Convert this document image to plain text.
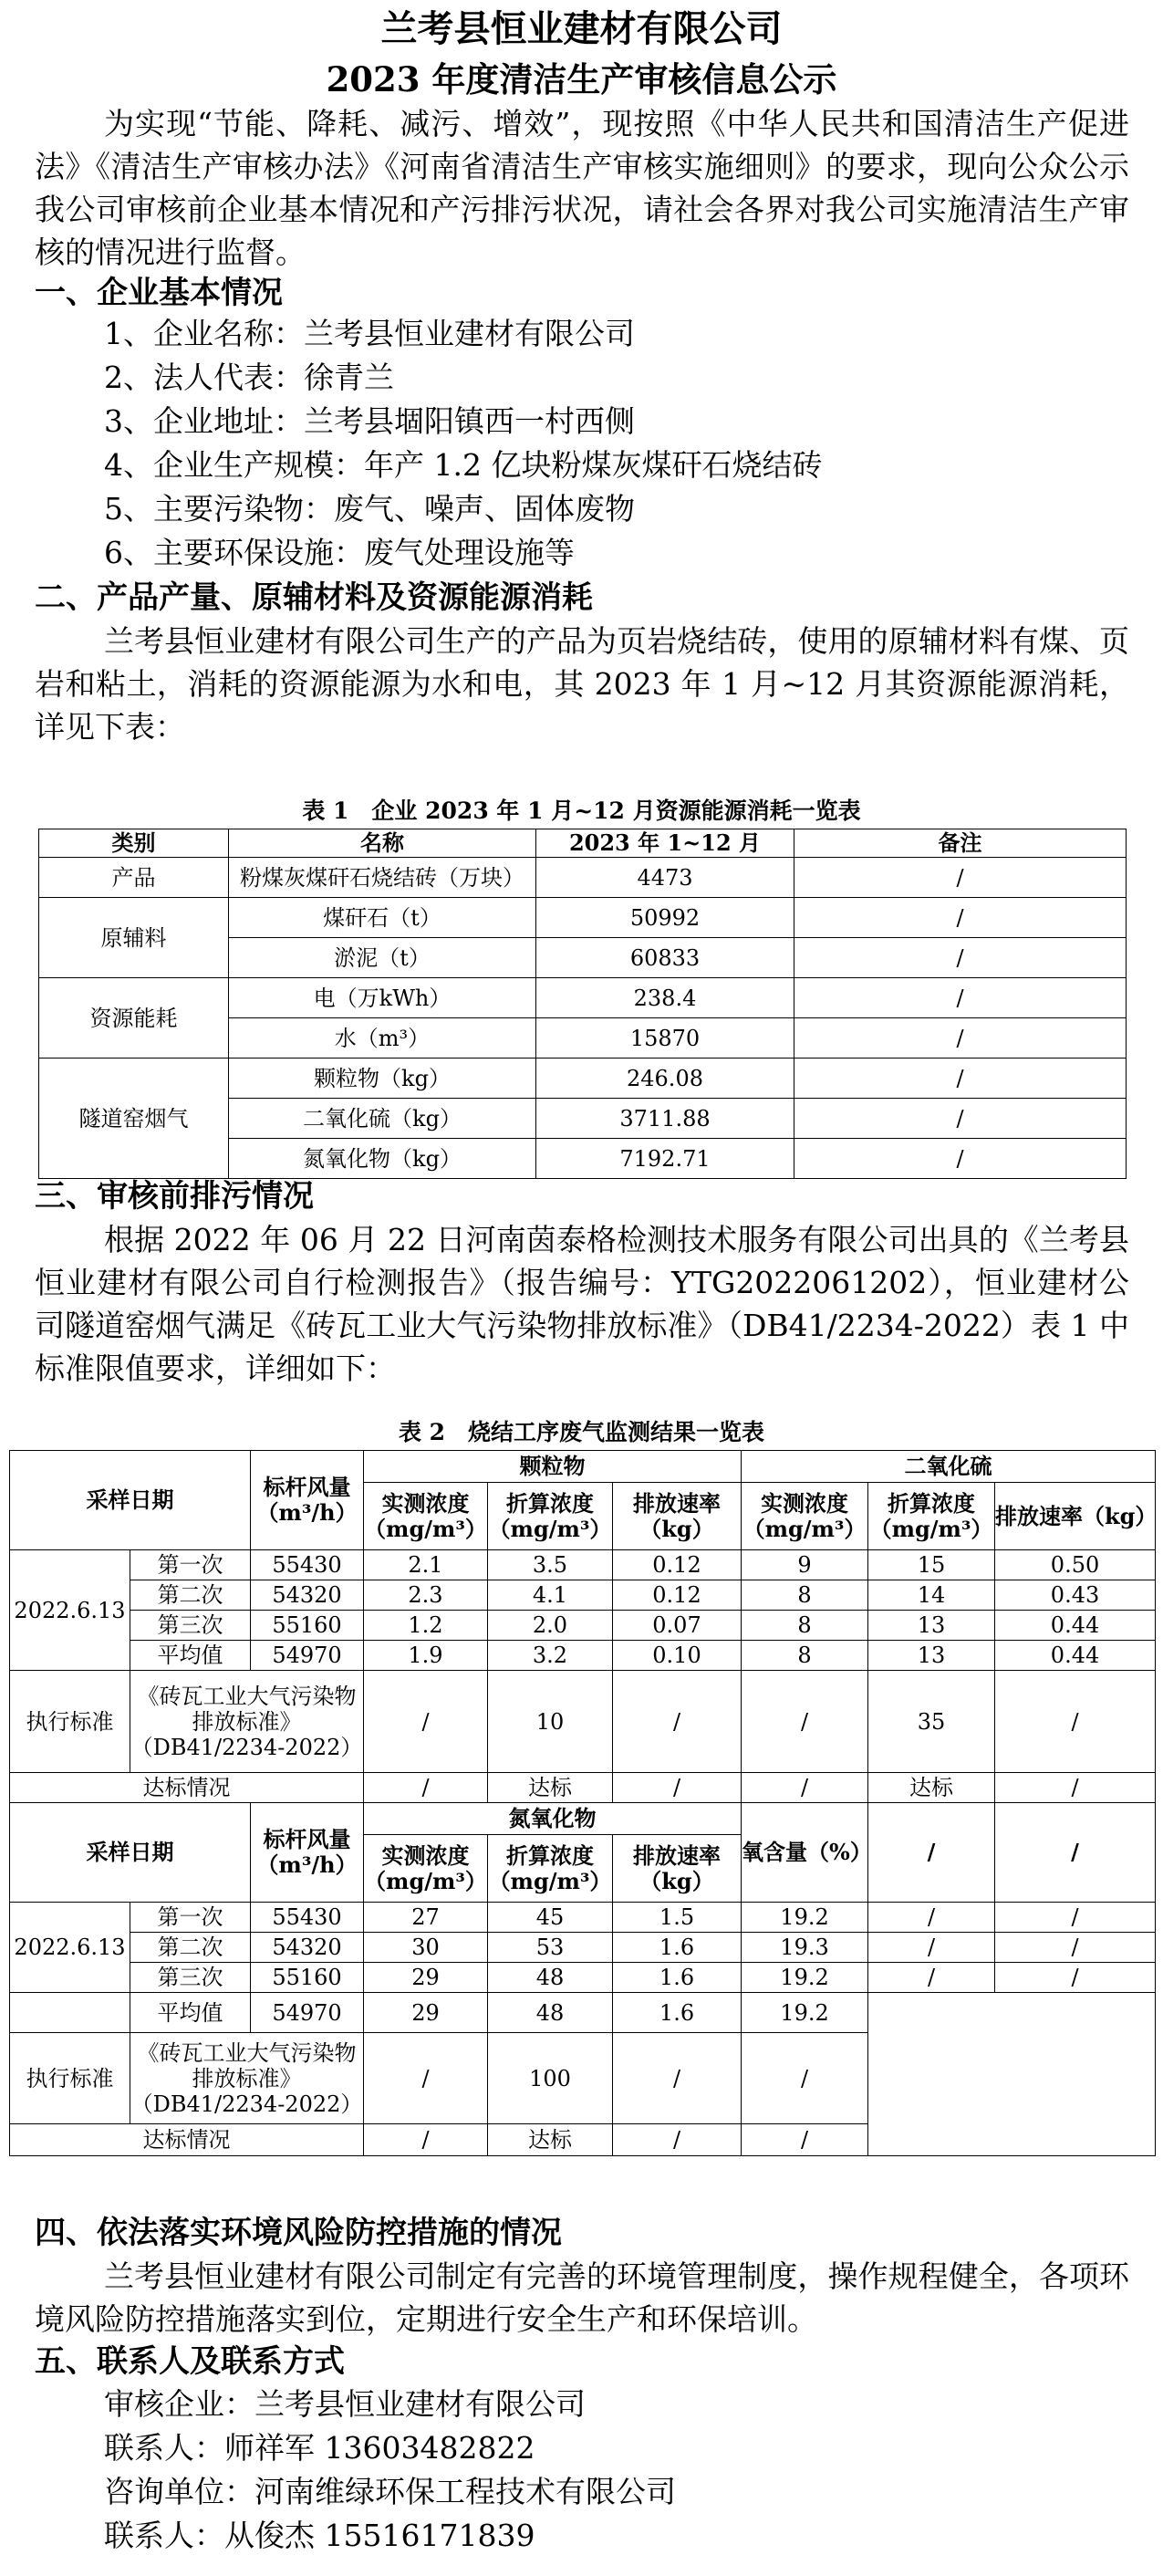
兰考县恒业建材有限公司
2023 年度清洁生产审核信息公示
为实现“节能、降耗、减污、增效”，现按照《中华人民共和国清洁生产促进法》《清洁生产审核办法》《河南省清洁生产审核实施细则》的要求，现向公众公示我公司审核前企业基本情况和产污排污状况，请社会各界对我公司实施清洁生产审核的情况进行监督。
一、企业基本情况
1、企业名称：兰考县恒业建材有限公司
2、法人代表：徐青兰
3、企业地址：兰考县堌阳镇西一村西侧
4、企业生产规模：年产 1.2 亿块粉煤灰煤矸石烧结砖
5、主要污染物：废气、噪声、固体废物
6、主要环保设施：废气处理设施等
二、产品产量、原辅材料及资源能源消耗
兰考县恒业建材有限公司生产的产品为页岩烧结砖，使用的原辅材料有煤、页岩和粘土，消耗的资源能源为水和电，其 2023 年 1 月~12 月其资源能源消耗，详见下表：
表 1　企业 2023 年 1 月~12 月资源能源消耗一览表
类别	名称	2023 年 1~12 月	备注
产品	粉煤灰煤矸石烧结砖（万块）	4473	/
原辅料	煤矸石（t）	50992	/
	淤泥（t）	60833	/
资源能耗	电（万kWh）	238.4	/
	水（m³）	15870	/
隧道窑烟气	颗粒物（kg）	246.08	/
	二氧化硫（kg）	3711.88	/
	氮氧化物（kg）	7192.71	/
三、审核前排污情况
根据 2022 年 06 月 22 日河南茵泰格检测技术服务有限公司出具的《兰考县恒业建材有限公司自行检测报告》（报告编号：YTG2022061202），恒业建材公司隧道窑烟气满足《砖瓦工业大气污染物排放标准》（DB41/2234-2022）表 1 中标准限值要求，详细如下：
表 2　烧结工序废气监测结果一览表
采样日期		标杆风量（m³/h）	颗粒物			二氧化硫		
			实测浓度（mg/m³）	折算浓度（mg/m³）	排放速率（kg）	实测浓度（mg/m³）	折算浓度（mg/m³）	排放速率（kg）
2022.6.13	第一次	55430	2.1	3.5	0.12	9	15	0.50
	第二次	54320	2.3	4.1	0.12	8	14	0.43
	第三次	55160	1.2	2.0	0.07	8	13	0.44
	平均值	54970	1.9	3.2	0.10	8	13	0.44
执行标准	《砖瓦工业大气污染物排放标准》（DB41/2234-2022）		/	10	/	/	35	/
达标情况			/	达标	/	/	达标	/
采样日期		标杆风量（m³/h）	氮氧化物			氧含量（%）	/	/
			实测浓度（mg/m³）	折算浓度（mg/m³）	排放速率（kg）			
2022.6.13	第一次	55430	27	45	1.5	19.2	/	/
	第二次	54320	30	53	1.6	19.3	/	/
	第三次	55160	29	48	1.6	19.2	/	/
	平均值	54970	29	48	1.6	19.2		
执行标准	《砖瓦工业大气污染物排放标准》（DB41/2234-2022）		/	100	/	/		
达标情况			/	达标	/	/		
四、依法落实环境风险防控措施的情况
兰考县恒业建材有限公司制定有完善的环境管理制度，操作规程健全，各项环境风险防控措施落实到位，定期进行安全生产和环保培训。
五、联系人及联系方式
审核企业：兰考县恒业建材有限公司
联系人：师祥军 13603482822
咨询单位：河南维绿环保工程技术有限公司
联系人：从俊杰 15516171839
